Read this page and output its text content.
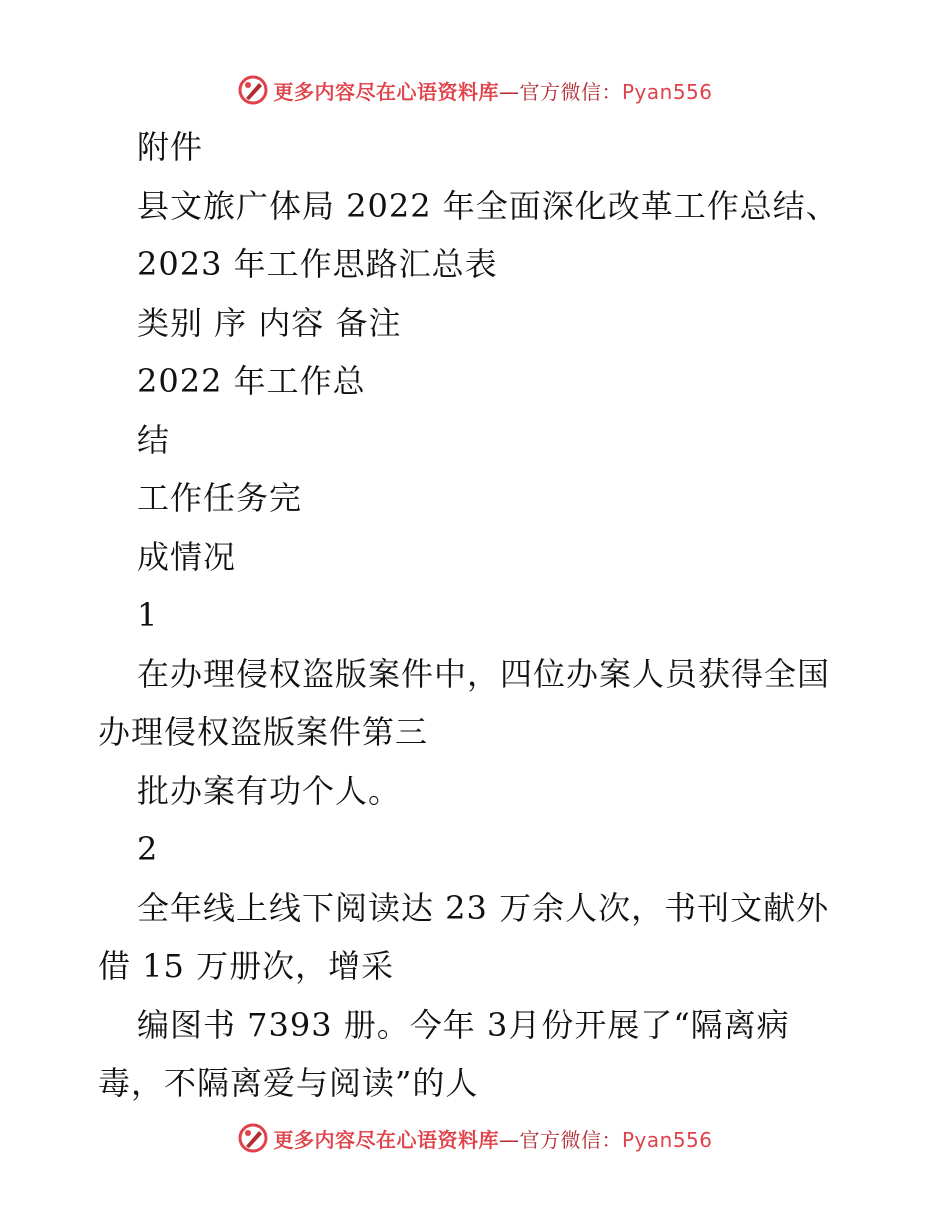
更多内容尽在心语资料库—官方微信：Pyan556
附件
县文旅广体局 2022 年全面深化改革工作总结、
2023 年工作思路汇总表
类别 序 内容 备注
2022 年工作总
结
工作任务完
成情况
1
在办理侵权盗版案件中，四位办案人员获得全国
办理侵权盗版案件第三
批办案有功个人。
2
全年线上线下阅读达 23 万余人次，书刊文献外
借 15 万册次，增采
编图书 7393 册。今年 3月份开展了“隔离病
毒，不隔离爱与阅读”的人
更多内容尽在心语资料库—官方微信：Pyan556
